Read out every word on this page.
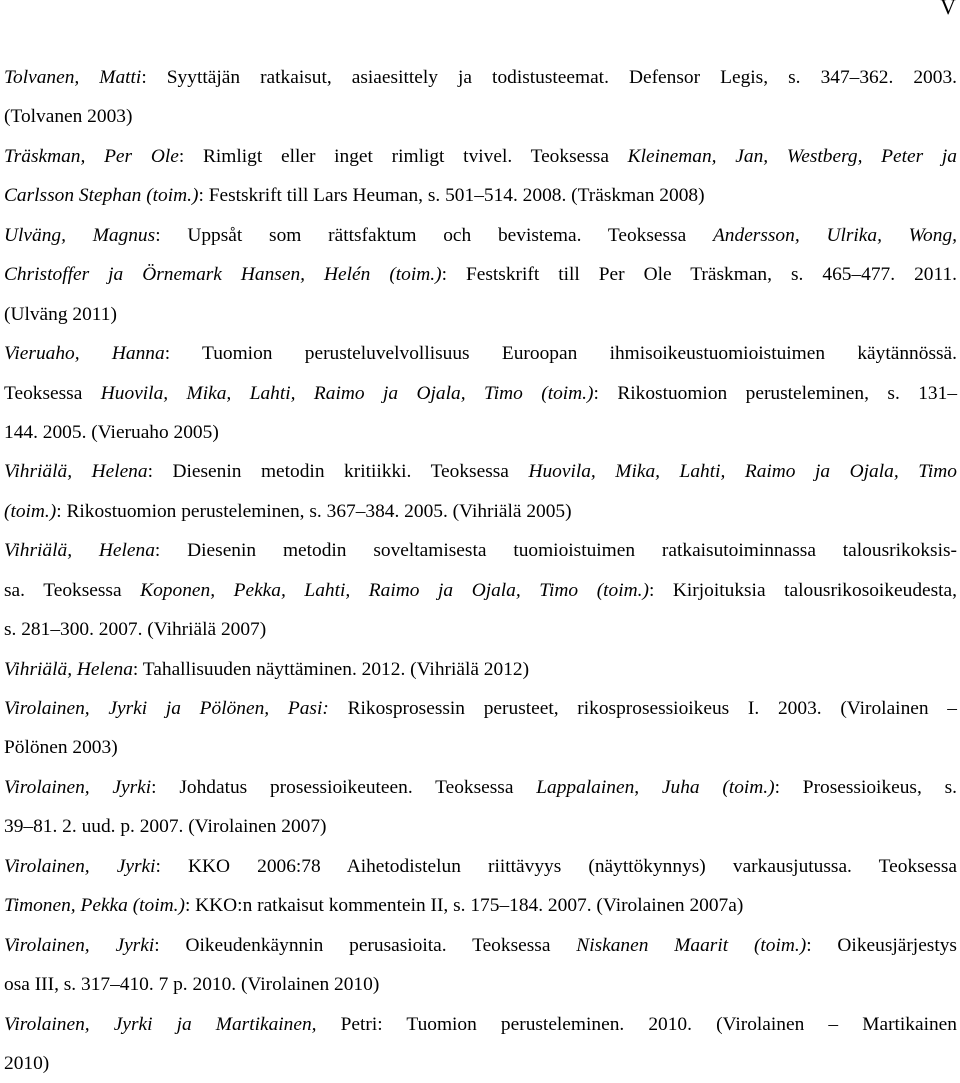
V
Tolvanen, Matti: Syyttäjän ratkaisut, asiaesittely ja todistusteemat. Defensor Legis, s. 347–362. 2003.
(Tolvanen 2003)
Träskman, Per Ole: Rimligt eller inget rimligt tvivel. Teoksessa Kleineman, Jan, Westberg, Peter ja
Carlsson Stephan (toim.): Festskrift till Lars Heuman, s. 501–514. 2008. (Träskman 2008)
Ulväng, Magnus: Uppsåt som rättsfaktum och bevistema. Teoksessa Andersson, Ulrika, Wong,
Christoffer ja Örnemark Hansen, Helén (toim.): Festskrift till Per Ole Träskman, s. 465–477. 2011.
(Ulväng 2011)
Vieruaho, Hanna: Tuomion perusteluvelvollisuus Euroopan ihmisoikeustuomioistuimen käytännössä.
Teoksessa Huovila, Mika, Lahti, Raimo ja Ojala, Timo (toim.): Rikostuomion perusteleminen, s. 131–
144. 2005. (Vieruaho 2005)
Vihriälä, Helena: Diesenin metodin kritiikki. Teoksessa Huovila, Mika, Lahti, Raimo ja Ojala, Timo
(toim.): Rikostuomion perusteleminen, s. 367–384. 2005. (Vihriälä 2005)
Vihriälä, Helena: Diesenin metodin soveltamisesta tuomioistuimen ratkaisutoiminnassa talousrikoksis-
sa. Teoksessa Koponen, Pekka, Lahti, Raimo ja Ojala, Timo (toim.): Kirjoituksia talousrikosoikeudesta,
s. 281–300. 2007. (Vihriälä 2007)
Vihriälä, Helena: Tahallisuuden näyttäminen. 2012. (Vihriälä 2012)
Virolainen, Jyrki ja Pölönen, Pasi: Rikosprosessin perusteet, rikosprosessioikeus I. 2003. (Virolainen –
Pölönen 2003)
Virolainen, Jyrki: Johdatus prosessioikeuteen. Teoksessa Lappalainen, Juha (toim.): Prosessioikeus, s.
39–81. 2. uud. p. 2007. (Virolainen 2007)
Virolainen, Jyrki: KKO 2006:78 Aihetodistelun riittävyys (näyttökynnys) varkausjutussa. Teoksessa
Timonen, Pekka (toim.): KKO:n ratkaisut kommentein II, s. 175–184. 2007. (Virolainen 2007a)
Virolainen, Jyrki: Oikeudenkäynnin perusasioita. Teoksessa Niskanen Maarit (toim.): Oikeusjärjestys
osa III, s. 317–410. 7 p. 2010. (Virolainen 2010)
Virolainen, Jyrki ja Martikainen, Petri: Tuomion perusteleminen. 2010. (Virolainen – Martikainen
2010)
